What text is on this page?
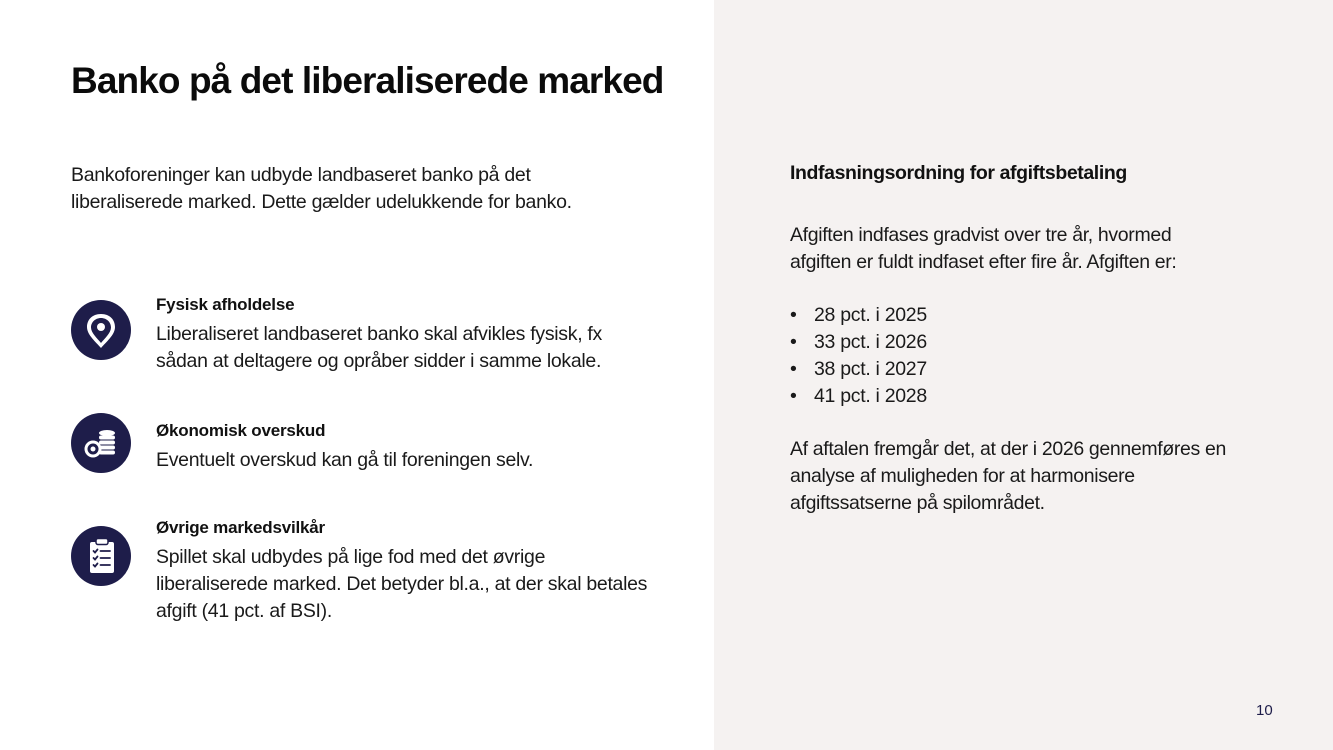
Banko på det liberaliserede marked

Bankoforeninger kan udbyde landbaseret banko på det liberaliserede marked. Dette gælder udelukkende for banko.

Fysisk afholdelse

Liberaliseret landbaseret banko skal afvikles fysisk, fx sådan at deltagere og opråber sidder i samme lokale.

Økonomisk overskud

Eventuelt overskud kan gå til foreningen selv.

Øvrige markedsvilkår

Spillet skal udbydes på lige fod med det øvrige liberaliserede marked. Det betyder bl.a., at der skal betales afgift (41 pct. af BSI).

Indfasningsordning for afgiftsbetaling

Afgiften indfases gradvist over tre år, hvormed afgiften er fuldt indfaset efter fire år. Afgiften er:

• 28 pct. i 2025
• 33 pct. i 2026
• 38 pct. i 2027
• 41 pct. i 2028

Af aftalen fremgår det, at der i 2026 gennemføres en analyse af muligheden for at harmonisere afgiftssatserne på spilområdet.

10
